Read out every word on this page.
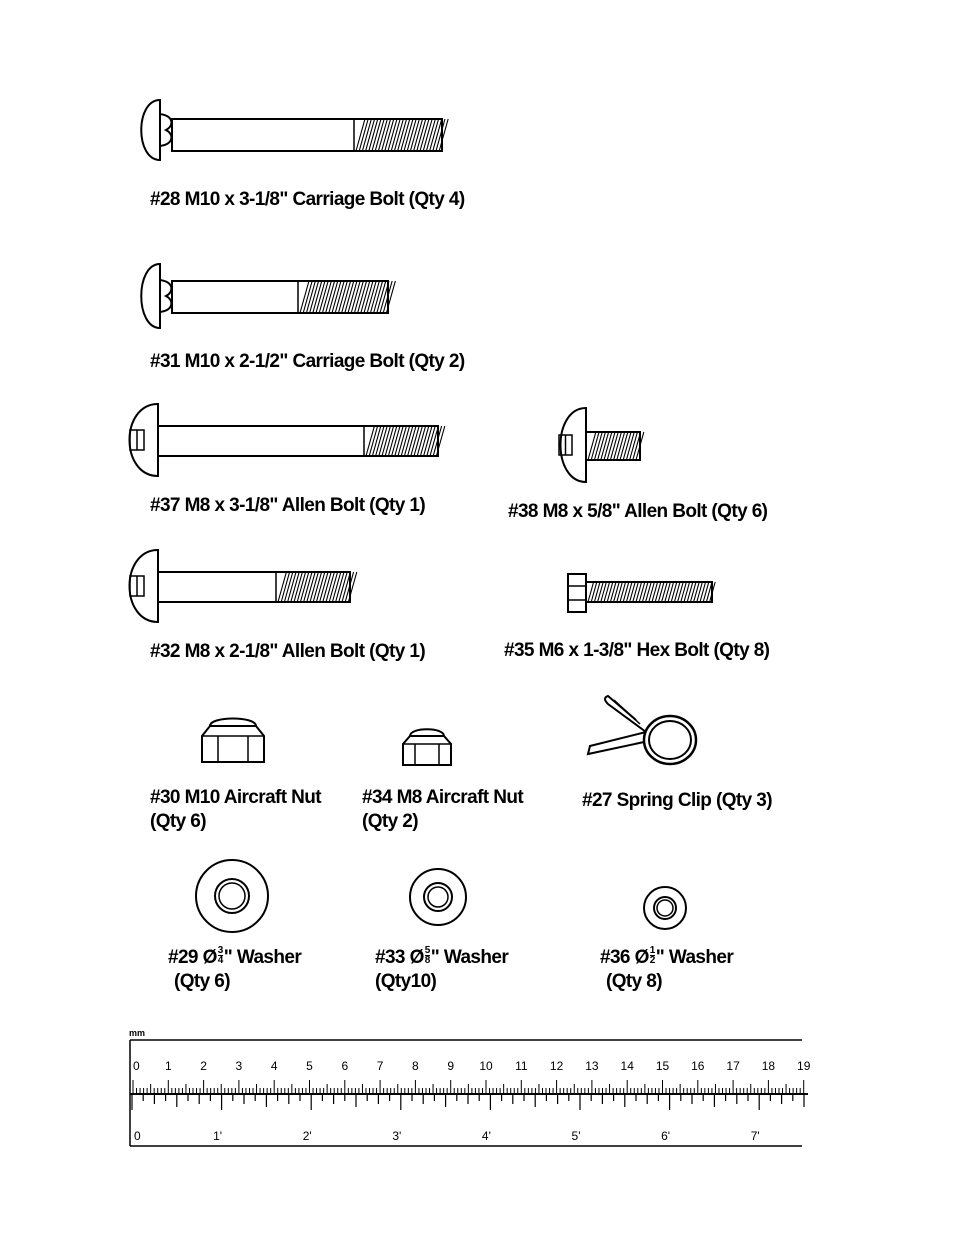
#28 M10 x 3-1/8" Carriage Bolt (Qty 4)
#31 M10 x 2-1/2" Carriage Bolt (Qty 2)
#37 M8 x 3-1/8" Allen Bolt (Qty 1)	#38 M8 x 5/8" Allen Bolt (Qty 6)
#32 M8 x 2-1/8" Allen Bolt (Qty 1)	#35 M6 x 1-3/8" Hex Bolt (Qty 8)
#30 M10 Aircraft Nut
(Qty 6)
#34 M8 Aircraft Nut
(Qty 2)
#27 Spring Clip (Qty 3)
#29 Ø $\frac{3}{4}$ " Washer
(Qty 6)
#33 Ø $\frac{5}{8}$ " Washer
(Qty10)
#36 Ø $\frac{1}{2}$ " Washer
(Qty 8)
mm
0 1 2 3 4 5 6 7 8 9 10 11 12 13 14 15 16 17 18 19
0	1'	2'	3'	4'	5'	6'	7'
